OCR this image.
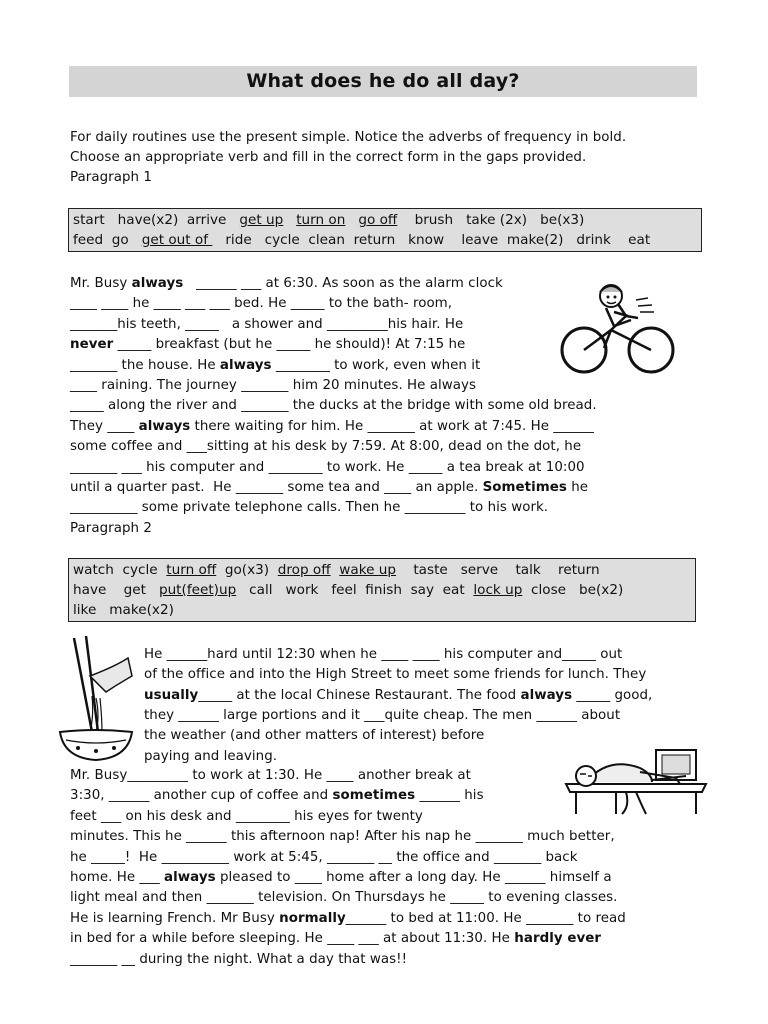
What does he do all day?
For daily routines use the present simple. Notice the adverbs of frequency in bold.
Choose an appropriate verb and fill in the correct form in the gaps provided.
Paragraph 1
start   have(x2)  arrive   get up turn on go off    brush   take (2x)   be(x3)
feed  go   get out of    ride   cycle  clean  return   know    leave  make(2)   drink    eat
Mr. Busy always   ______ ___ at 6:30. As soon as the alarm clock
____ ____ he ____ ___ ___ bed. He _____ to the bath- room,
_______his teeth, _____   a shower and _________his hair. He
never _____ breakfast (but he _____ he should)! At 7:15 he
_______ the house. He always ________ to work, even when it
____ raining. The journey _______ him 20 minutes. He always
_____ along the river and _______ the ducks at the bridge with some old bread.
They ____ always there waiting for him. He _______ at work at 7:45. He ______
some coffee and ___sitting at his desk by 7:59. At 8:00, dead on the dot, he
_______ ___ his computer and ________ to work. He _____ a tea break at 10:00
until a quarter past.  He _______ some tea and ____ an apple. Sometimes he
__________ some private telephone calls. Then he _________ to his work.
Paragraph 2
watch  cycle  turn off  go(x3)  drop off wake up    taste   serve    talk    return
have    get   put(feet)up   call   work   feel  finish  say  eat  lock up  close   be(x2)
like   make(x2)
He ______hard until 12:30 when he ____ ____ his computer and_____ out
of the office and into the High Street to meet some friends for lunch. They
usually_____ at the local Chinese Restaurant. The food always _____ good,
they ______ large portions and it ___quite cheap. The men ______ about
the weather (and other matters of interest) before
paying and leaving.
Mr. Busy_________ to work at 1:30. He ____ another break at
3:30, ______ another cup of coffee and sometimes ______ his
feet ___ on his desk and ________ his eyes for twenty
minutes. This he ______ this afternoon nap! After his nap he _______ much better,
he _____!  He __________ work at 5:45, _______ __ the office and _______ back
home. He ___ always pleased to ____ home after a long day. He ______ himself a
light meal and then _______ television. On Thursdays he _____ to evening classes.
He is learning French. Mr Busy normally______ to bed at 11:00. He _______ to read
in bed for a while before sleeping. He ____ ___ at about 11:30. He hardly ever
_______ __ during the night. What a day that was!!
